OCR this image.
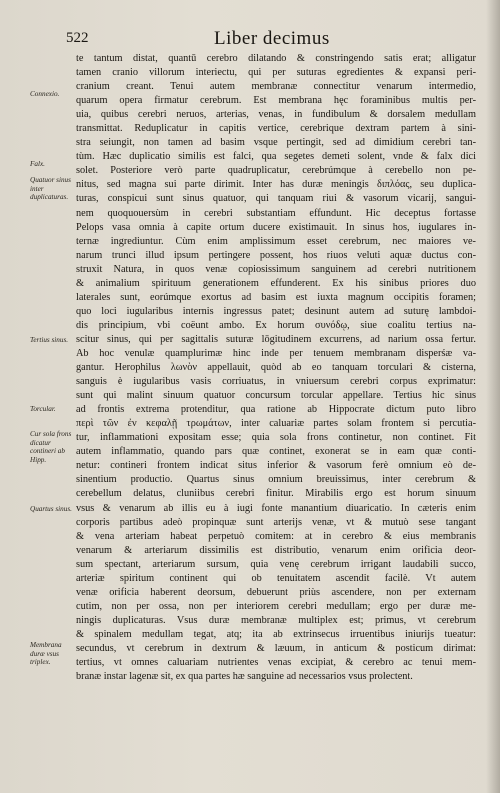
522	Liber decimus
Connexio.
Falx.
Quatuor sinus inter duplicaturas.
Tertius sinus.
Torcular.
Cur sola frons dicatur contineri ab Hipp.
Quartus sinus.
Membrana duræ vsus triplex.
te tantum distat, quantū cerebro dilatando & constringendo satis erat; alligatur
tamen cranio villorum interiectu, qui per suturas egredientes & expansi peri-
cranium creant. Tenui autem membranæ connectitur venarum intermedio,
quarum opera firmatur cerebrum. Est membrana hęc foraminibus multis per-
uia, quibus cerebri neruos, arterias, venas, in fundibulum & dorsalem medullam
transmittat. Reduplicatur in capitis vertice, cerebrique dextram partem à sini-
stra seiungit, non tamen ad basim vsque pertingit, sed ad dimidium cerebri tan-
tùm. Hæc duplicatio similis est falci, qua segetes demeti solent, vnde & falx dici
solet. Posteriore verò parte quadruplicatur, cerebrúmque à cerebello non pe-
nitus, sed magna sui parte dirimit. Inter has duræ meningis διπλόας, seu duplica-
turas, conspicui sunt sinus quatuor, qui tanquam riui & vasorum vicarij, sangui-
nem quoquouersùm in cerebri substantiam effundunt. Hic deceptus fortasse
Pelops vasa omnia à capite ortum ducere existimauit. In sinus hos, iugulares in-
ternæ ingrediuntur. Cùm enim amplissimum esset cerebrum, nec maiores ve-
narum trunci illud ipsum pertingere possent, hos riuos veluti aquæ ductus con-
struxit Natura, in quos venæ copiosissimum sanguinem ad cerebri nutritionem
& animalium spirituum generationem effunderent. Ex his sinibus priores duo
laterales sunt, eorúmque exortus ad basim est iuxta magnum occipitis foramen;
quo loci iugularibus internis ingressus patet; desinunt autem ad suturę lambdoi-
dis principium, vbi coëunt ambo. Ex horum συνόδῳ, siue coalitu tertius na-
scitur sinus, qui per sagittalis suturæ lōgitudinem excurrens, ad narium ossa fertur.
Ab hoc venulæ quamplurimæ hinc inde per tenuem membranam disperśæ va-
gantur. Herophilus λωνὸν appellauit, quòd ab eo tanquam torculari & cisterna,
sanguis è iugularibus vasis corriuatus, in vniuersum cerebri corpus exprimatur:
sunt qui malint sinuum quatuor concursum torcular appellare. Tertius hic sinus
ad frontis extrema protenditur, qua ratione ab Hippocrate dictum puto libro
περὶ τῶν ἐν κεφαλῇ τρωμάτων, inter caluariæ partes solam frontem si percutia-
tur, inflammationi expositam esse; quia sola frons continetur, non continet. Fit
autem inflammatio, quando pars quæ continet, exonerat se in eam quæ conti-
netur: contineri frontem indicat situs inferior & vasorum ferè omnium eò de-
sinentium productio. Quartus sinus omnium breuissimus, inter cerebrum &
cerebellum delatus, cluniibus cerebri finitur. Mirabilis ergo est horum sinuum
vsus & venarum ab illis eu à iugi fonte manantium diuaricatio. In cæteris enim
corporis partibus adeò propinquæ sunt arterijs venæ, vt & mutuò sese tangant
& vena arteriam habeat perpetuò comitem: at in cerebro & eius membranis
venarum & arteriarum dissimilis est distributio, venarum enim orificia deor-
sum spectant, arteriarum sursum, quia venę cerebrum irrigant laudabili succo,
arteriæ spiritum continent qui ob tenuitatem ascendit facilè. Vt autem
venæ orificia haberent deorsum, debuerunt priùs ascendere, non per externam
cutim, non per ossa, non per interiorem cerebri medullam; ergo per duræ me-
ningis duplicaturas. Vsus duræ membranæ multiplex est; primus, vt cerebrum
& spinalem medullam tegat, atq; ita ab extrinsecus irruentibus iniurijs tueatur:
secundus, vt cerebrum in dextrum & læuum, in anticum & posticum dirimat:
tertius, vt omnes caluariam nutrientes venas excipiat, & cerebro ac tenui mem-
branæ instar lagenæ sit, ex qua partes hæ sanguine ad necessarios vsus prolectent.
